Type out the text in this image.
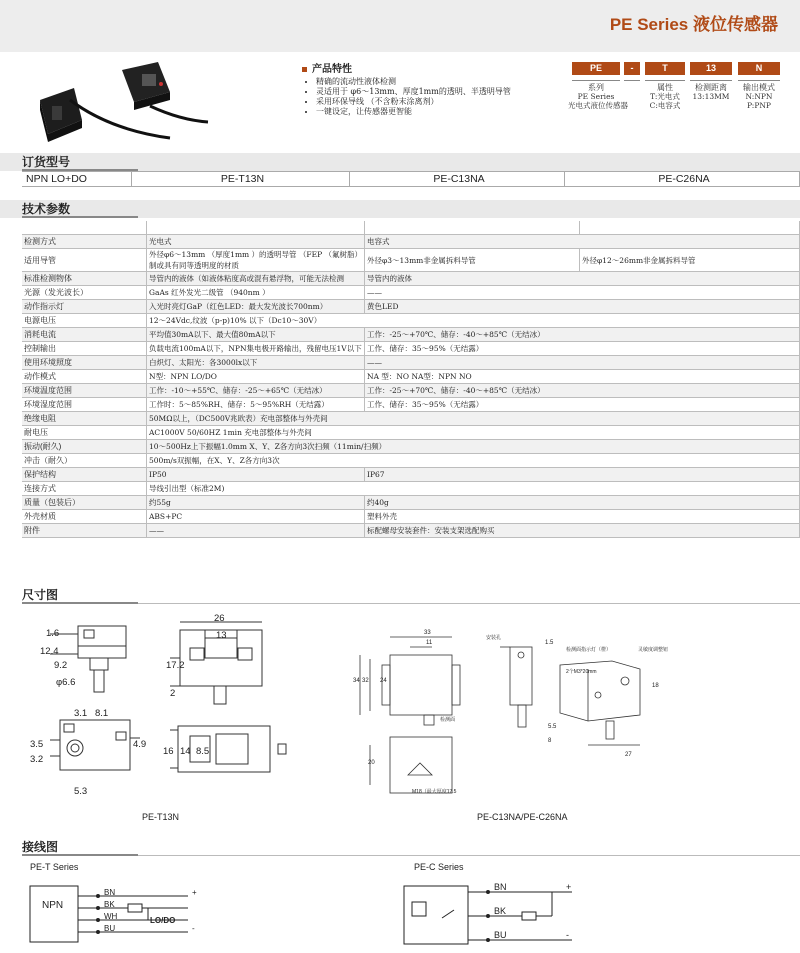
PE Series 液位传感器
产品特性
• 精确的流动性液体检测
• 灵适用于 φ6～13mm、厚度1mm的透明、半透明导管
• 采用环保导线 （不含粉末涂离剂）
• 一键设定，让传感器更智能
PE
系列
PE Series
光电式液位传感器
-	T
属性
T:光电式
C:电容式
13
检测距离
13:13MM
N
输出模式
N:NPN
P:PNP
订货型号
NPN LO+DO	PE-T13N	PE-C13NA	PE-C26NA
技术参数

检测方式	光电式	电容式	
适用导管	外径φ6～13mm （厚度1mm ）的透明导管 （FEP （氟树脂）制或具有同等透明度的材质	外径φ3～13mm非金属拆料导管	外径φ12～26mm非金属拆料导管
标准检测物体	导管内的液体（如液体粘度高或混有悬浮物，可能无法检测	导管内的液体	
光源（发光波长）	GaAs 红外发光二级管 （940nm ）	——	
动作指示灯	入光时亮灯GaP（红色LED：最大发光波长700nm）	黄色LED	
电源电压	12～24Vdc,纹波（p-p)10% 以下（Dc10～30V）		
消耗电流	平均值30mA以下、最大值80mA以下	工作：-25～+70℃、储存：-40～+85℃（无结冰）	
控制输出	负载电流100mA以下，NPN集电极开路输出，残留电压1V以下	工作、储存：35～95%（无结露）	
使用环境照度	白炽灯、太阳光：各3000lx以下	——	
动作模式	N型：NPN LO/DO	NA 型：NO NA型：NPN NO	
环境温度范围	工作：-10～+55℃、储存：-25～+65℃（无结冰）	工作：-25～+70℃、储存：-40～+85℃（无结冰）	
环境湿度范围	工作时：5～85%RH、储存：5～95%RH（无结露）	工作、储存：35～95%（无结露）	
绝缘电阻	50MΩ以上，（DC500V兆欧表）充电部整体与外壳间		
耐电压	AC1000V 50/60HZ 1min 充电部整体与外壳间		
振动(耐久)	10～500Hz上下振幅1.0mm X、Y、Z各方向3次扫频（11min/扫频）		
冲击（耐久）	500m/s双振幅，在X、Y、Z各方向3次		
保护结构	IP50	IP67	
连接方式	导线引出型（标准2M)		
质量（包装后）	约55g	约40g	
外壳材质	ABS+PC	塑料外壳	
附件	——	标配螺母安装套件：安装支架选配购买	
尺寸图
1.6
12.4
9.2
φ6.6
26
13
17.2
2
3.1 8.1
3.5
3.2
4.9
16 14 8.5
5.3
PE-T13N
33
11
34 32 24
检测面
安装孔
1.5
27
18
5.5
8
检测面指示灯（橙）
2个M3*20mm
灵敏度调整钮
20
M18（最大厚度17.5
PE-C13NA/PE-C26NA
接线图
PE-T Series	PE-C Series
NPN
BN
BK
WH
BU
LO/DO
+
-
BN
BK
BU
+
-
